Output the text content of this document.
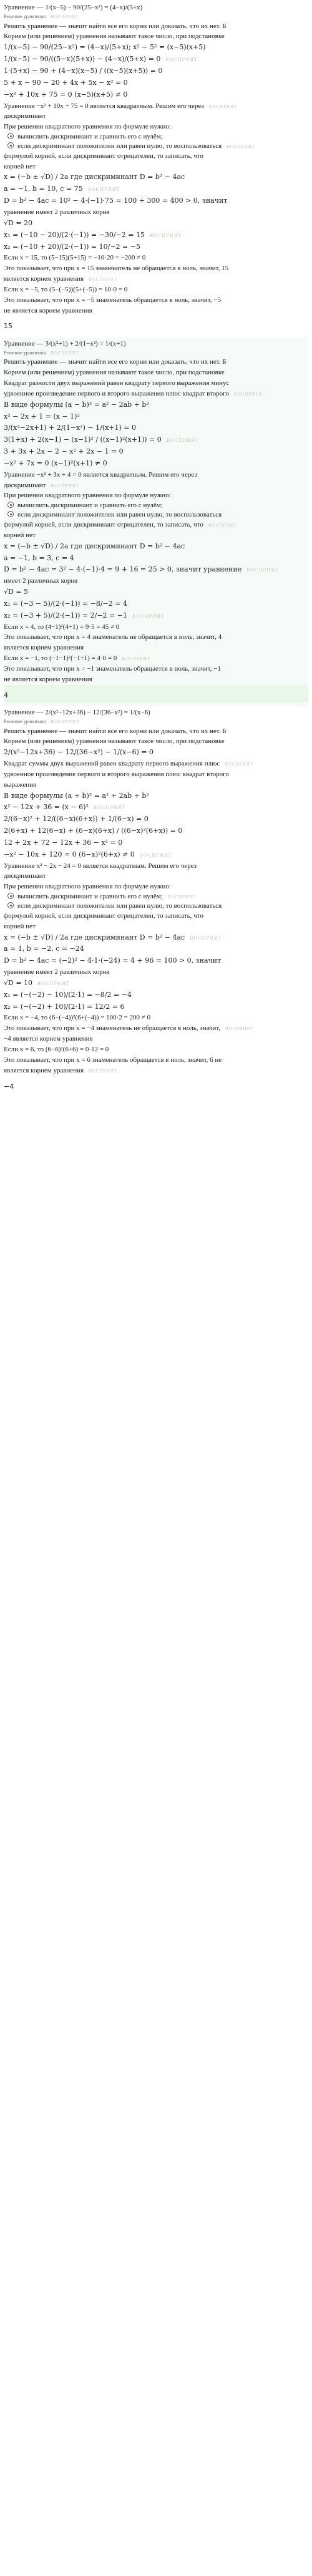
Уравнение — 1/(x−5) − 90/(25−x²) = (4−x)/(5+x)
Решение уравнения ВОСПРИЯТ
Решить уравнение — значит найти все его корни или доказать, что их нет. Б
Корнем (или решением) уравнения называют такое число, при подстановке
1/(x−5) − 90/(25−x²) = (4−x)/(5+x); x² − 5² = (x−5)(x+5)
1/(x−5) − 90/((5−x)(5+x)) − (4−x)/(5+x) = 0 ВОСПРИЯТ
1·(5+x) − 90 + (4−x)(x−5) / ((x−5)(x+5)) = 0
5 + x − 90 − 20 + 4x + 5x − x² = 0
−x² + 10x + 75 = 0 (x−5)(x+5) ≠ 0
Уравнение −x² + 10x + 75 = 0 является квадратным. Решим его через ВОСПРИЯТ
дискриминант
При решении квадратного уравнения по формуле нужно:
вычислить дискриминант и сравнить его с нулём;
если дискриминант положителен или равен нулю, то воспользоваться ВОСПРИЯТ
формулой корней, если дискриминант отрицателен, то записать, что
корней нет
x = (−b ± √D) / 2a где дискриминант D = b² − 4ac
a = −1, b = 10, c = 75 ВОСПРИЯТ
D = b² − 4ac = 10² − 4·(−1)·75 = 100 + 300 = 400 > 0, значит
уравнение имеет 2 различных корня
√D = 20
x₁ = (−10 − 20)/(2·(−1)) = −30/−2 = 15 ВОСПРИЯТ
x₂ = (−10 + 20)/(2·(−1)) = 10/−2 = −5
Если x = 15, то (5−15)(5+15) = −10·20 = −200 ≠ 0
Это показывает, что при x = 15 знаменатель не обращается в ноль, значит, 15
является корнем уравнения ВОСПРИЯТ
Если x = −5, то (5−(−5))(5+(−5)) = 10·0 = 0
Это показывает, что при x = −5 знаменатель обращается в ноль, значит, −5
не является корнем уравнения
15
Уравнение — 3/(x²+1) + 2/(1−x²) = 1/(x+1)
Решение уравнения ВОСПРИЯТ
Решить уравнение — значит найти все его корни или доказать, что их нет. Б
Корнем (или решением) уравнения называют такое число, при подстановке
Квадрат разности двух выражений равен квадрату первого выражения минус
удвоенное произведение первого и второго выражения плюс квадрат второго ВОСПРИЯТ
В виде формулы (a − b)² = a² − 2ab + b²
x² − 2x + 1 = (x − 1)²
3/(x²−2x+1) + 2/(1−x²) − 1/(x+1) = 0
3(1+x) + 2(x−1) − (x−1)² / ((x−1)²(x+1)) = 0 ВОСПРИЯТ
3 + 3x + 2x − 2 − x² + 2x − 1 = 0
−x² + 7x = 0 (x−1)²(x+1) ≠ 0
Уравнение −x² + 3x + 4 = 0 является квадратным. Решим его через
дискриминант ВОСПРИЯТ
При решении квадратного уравнения по формуле нужно:
вычислить дискриминант и сравнить его с нулём;
если дискриминант положителен или равен нулю, то воспользоваться
формулой корней, если дискриминант отрицателен, то записать, что ВОСПРИЯТ
корней нет
x = (−b ± √D) / 2a где дискриминант D = b² − 4ac
a = −1, b = 3, c = 4
D = b² − 4ac = 3² − 4·(−1)·4 = 9 + 16 = 25 > 0, значит уравнение ВОСПРИЯТ
имеет 2 различных корня
√D = 5
x₁ = (−3 − 5)/(2·(−1)) = −8/−2 = 4
x₂ = (−3 + 5)/(2·(−1)) = 2/−2 = −1 ВОСПРИЯТ
Если x = 4, то (4−1)²(4+1) = 9·5 = 45 ≠ 0
Это показывает, что при x = 4 знаменатель не обращается в ноль, значит, 4
является корнем уравнения
Если x = −1, то (−1−1)²(−1+1) = 4·0 = 0 ВОСПРИЯТ
Это показывает, что при x = −1 знаменатель обращается в ноль, значит, −1
не является корнем уравнения
4
Уравнение — 2/(x²−12x+36) − 12/(36−x²) = 1/(x−6)
Решение уравнения ВОСПРИЯТ
Решить уравнение — значит найти все его корни или доказать, что их нет. Б
Корнем (или решением) уравнения называют такое число, при подстановке
2/(x²−12x+36) − 12/(36−x²) − 1/(x−6) = 0
Квадрат суммы двух выражений равен квадрату первого выражения плюс ВОСПРИЯТ
удвоенное произведение первого и второго выражения плюс квадрат второго
выражения
В виде формулы (a + b)² = a² + 2ab + b²
x² − 12x + 36 = (x − 6)² ВОСПРИЯТ
2/(6−x)² + 12/((6−x)(6+x)) + 1/(6−x) = 0
2(6+x) + 12(6−x) + (6−x)(6+x) / ((6−x)²(6+x)) = 0
12 + 2x + 72 − 12x + 36 − x² = 0
−x² − 10x + 120 = 0 (6−x)²(6+x) ≠ 0 ВОСПРИЯТ
Уравнение x² − 2x − 24 = 0 является квадратным. Решим его через
дискриминант
При решении квадратного уравнения по формуле нужно:
вычислить дискриминант и сравнить его с нулём; ВОСПРИЯТ
если дискриминант положителен или равен нулю, то воспользоваться
формулой корней, если дискриминант отрицателен, то записать, что
корней нет
x = (−b ± √D) / 2a где дискриминант D = b² − 4ac ВОСПРИЯТ
a = 1, b = −2, c = −24
D = b² − 4ac = (−2)² − 4·1·(−24) = 4 + 96 = 100 > 0, значит
уравнение имеет 2 различных корня
√D = 10 ВОСПРИЯТ
x₁ = (−(−2) − 10)/(2·1) = −8/2 = −4
x₂ = (−(−2) + 10)/(2·1) = 12/2 = 6
Если x = −4, то (6−(−4))²(6+(−4)) = 100·2 = 200 ≠ 0
Это показывает, что при x = −4 знаменатель не обращается в ноль, значит, ВОСПРИЯТ
−4 является корнем уравнения
Если x = 6, то (6−6)²(6+6) = 0·12 = 0
Это показывает, что при x = 6 знаменатель обращается в ноль, значит, 6 не
является корнем уравнения ВОСПРИЯТ
−4
